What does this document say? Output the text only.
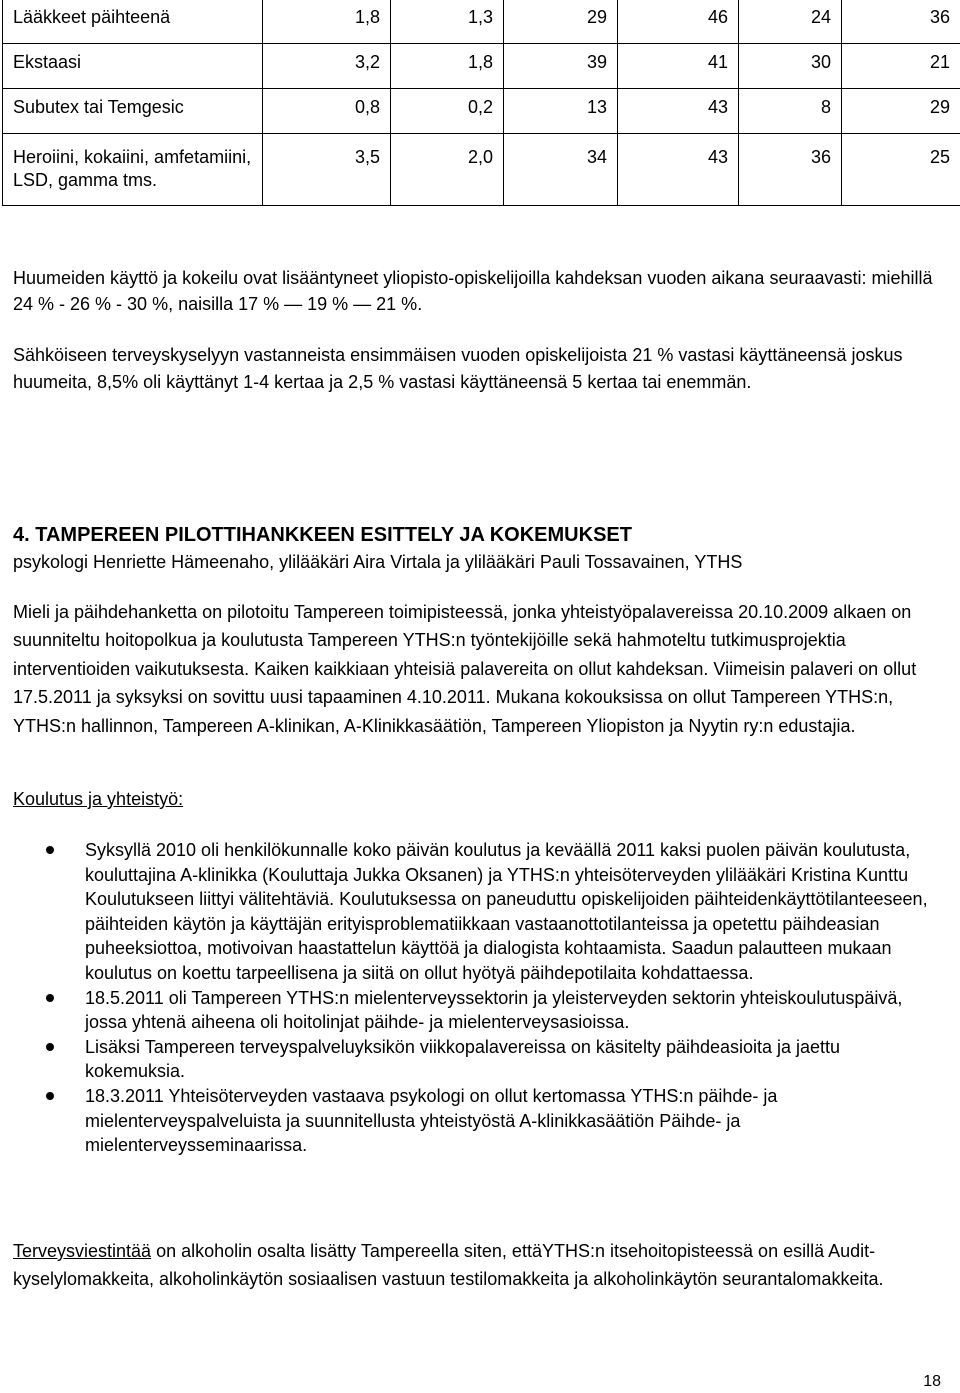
Lääkkeet päihteenä	1,8	1,3	29	46	24	36
Ekstaasi	3,2	1,8	39	41	30	21
Subutex tai Temgesic	0,8	0,2	13	43	8	29
Heroiini, kokaiini, amfetamiini,
LSD, gamma tms.	3,5	2,0	34	43	36	25

Huumeiden käyttö ja kokeilu ovat lisääntyneet yliopisto-opiskelijoilla kahdeksan vuoden aikana seuraavasti: miehillä 24 % - 26 % - 30 %, naisilla 17 % — 19 % — 21 %.

Sähköiseen terveyskyselyyn vastanneista ensimmäisen vuoden opiskelijoista 21 % vastasi käyttäneensä joskus huumeita, 8,5% oli käyttänyt 1-4 kertaa ja 2,5 % vastasi käyttäneensä 5 kertaa tai enemmän.

4. TAMPEREEN PILOTTIHANKKEEN ESITTELY JA KOKEMUKSET

psykologi Henriette Hämeenaho, ylilääkäri Aira Virtala ja ylilääkäri Pauli Tossavainen, YTHS

Mieli ja päihdehanketta on pilotoitu Tampereen toimipisteessä, jonka yhteistyöpalavereissa 20.10.2009 alkaen on suunniteltu hoitopolkua ja koulutusta Tampereen YTHS:n työntekijöille sekä hahmoteltu tutkimusprojektia interventioiden vaikutuksesta. Kaiken kaikkiaan yhteisiä palavereita on ollut kahdeksan. Viimeisin palaveri on ollut 17.5.2011 ja syksyksi on sovittu uusi tapaaminen 4.10.2011. Mukana kokouksissa on ollut Tampereen YTHS:n, YTHS:n hallinnon, Tampereen A-klinikan, A-Klinikkasäätiön, Tampereen Yliopiston ja Nyytin ry:n edustajia.

Koulutus ja yhteistyö:

Syksyllä 2010 oli henkilökunnalle koko päivän koulutus ja keväällä 2011 kaksi puolen päivän koulutusta, kouluttajina A-klinikka (Kouluttaja Jukka Oksanen) ja YTHS:n yhteisöterveyden ylilääkäri Kristina Kunttu Koulutukseen liittyi välitehtäviä. Koulutuksessa on paneuduttu opiskelijoiden päihteidenkäyttötilanteeseen, päihteiden käytön ja käyttäjän erityisproblematiikkaan vastaanottotilanteissa ja opetettu päihdeasian puheeksiottoa, motivoivan haastattelun käyttöä ja dialogista kohtaamista. Saadun palautteen mukaan koulutus on koettu tarpeellisena ja siitä on ollut hyötyä päihdepotilaita kohdattaessa.
18.5.2011 oli Tampereen YTHS:n mielenterveyssektorin ja yleisterveyden sektorin yhteiskoulutuspäivä, jossa yhtenä aiheena oli hoitolinjat päihde- ja mielenterveysasioissa.
Lisäksi Tampereen terveyspalveluyksikön viikkopalavereissa on käsitelty päihdeasioita ja jaettu kokemuksia.
18.3.2011 Yhteisöterveyden vastaava psykologi on ollut kertomassa YTHS:n päihde- ja mielenterveyspalveluista ja suunnitellusta yhteistyöstä A-klinikkasäätiön Päihde- ja mielenterveysseminaarissa.

Terveysviestintää on alkoholin osalta lisätty Tampereella siten, ettäYTHS:n itsehoitopisteessä on esillä Audit-kyselylomakkeita, alkoholinkäytön sosiaalisen vastuun testilomakkeita ja alkoholinkäytön seurantalomakkeita.

18
